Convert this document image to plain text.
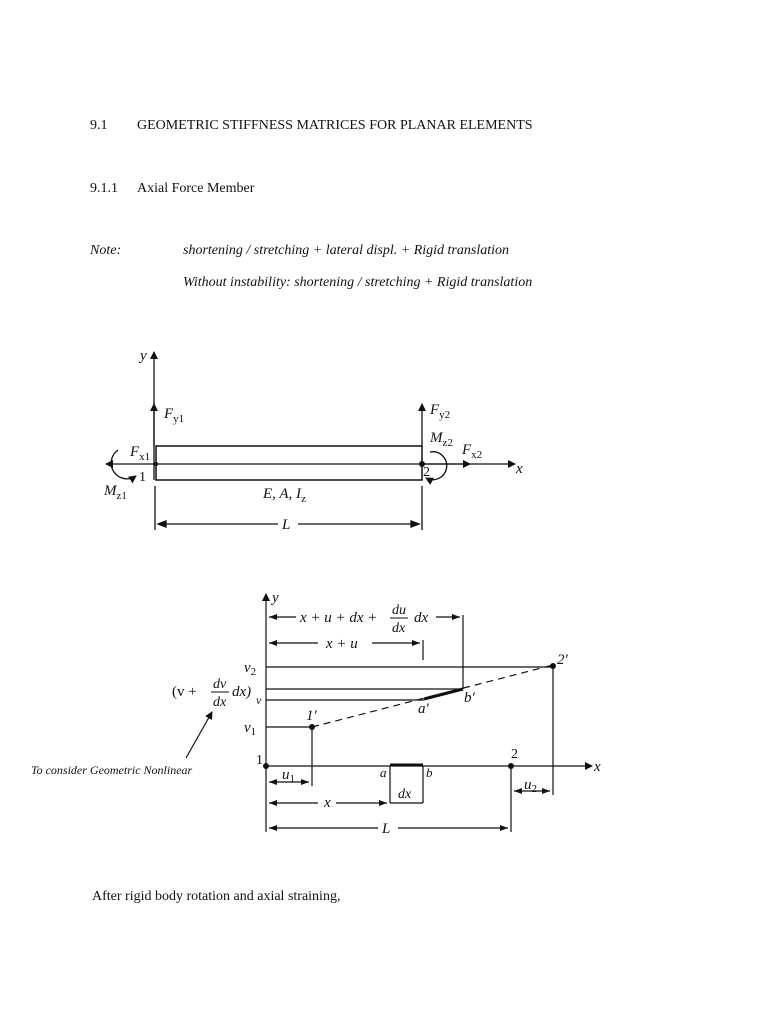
9.1 GEOMETRIC STIFFNESS MATRICES FOR PLANAR ELEMENTS
9.1.1 Axial Force Member
Note:	shortening / stretching + lateral displ. + Rigid translation
Without instability: shortening / stretching + Rigid translation
y
x
$F_{y1}$
$F_{y2}$
$F_{x1}$	$F_{x2}$
$M_{z1}$
$M_{z2}$
E, A, $I_z$
L
1	2
y
x
x + u + dx + du
dx
dx
x + u
$v_2$
v
$v_1$
(v + dv
dx
dx)
1′
2′
a′
b′
a	b
$u_1$	$u_2$
dx
x
L
1	2
To consider Geometric Nonlinear
After rigid body rotation and axial straining,
